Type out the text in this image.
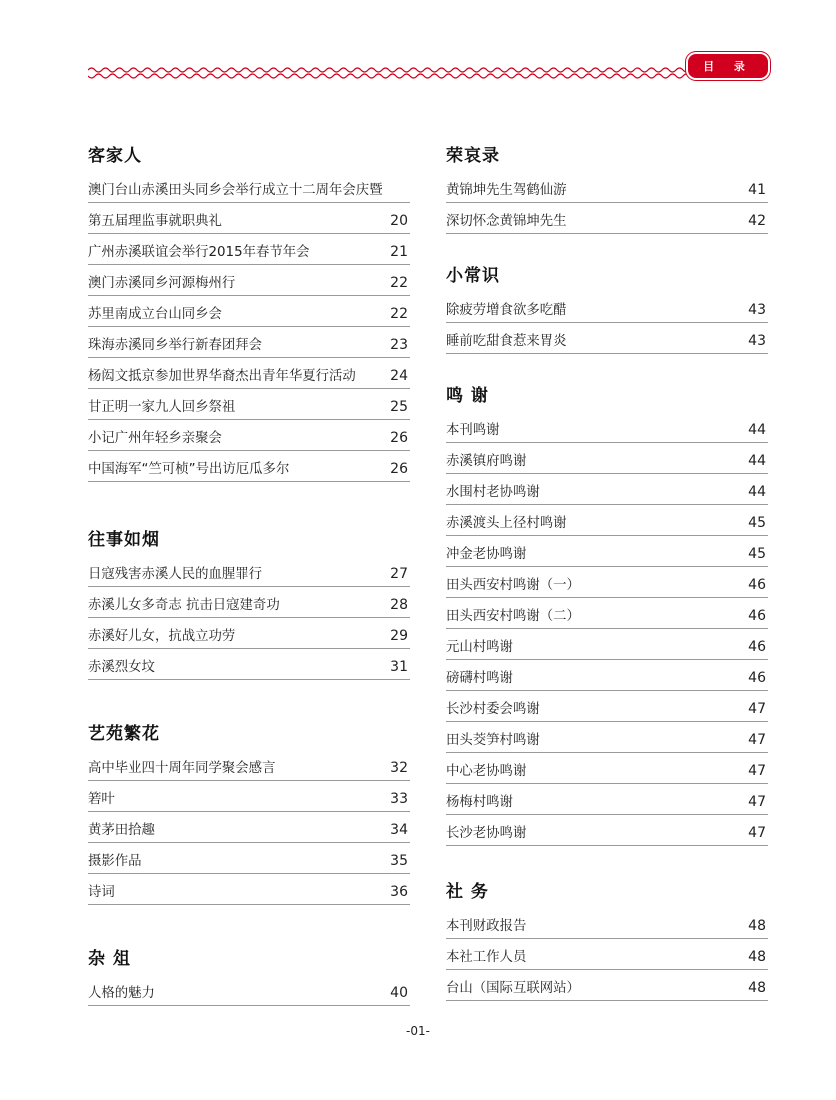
目 录
客家人
澳门台山赤溪田头同乡会举行成立十二周年会庆暨
第五届理监事就职典礼	20
广州赤溪联谊会举行2015年春节年会	21
澳门赤溪同乡河源梅州行	22
苏里南成立台山同乡会	22
珠海赤溪同乡举行新春团拜会	23
杨闳文抵京参加世界华裔杰出青年华夏行活动 24
甘正明一家九人回乡祭祖	25
小记广州年轻乡亲聚会	26
中国海军“竺可桢”号出访厄瓜多尔	26
往事如烟
日寇残害赤溪人民的血腥罪行	27
赤溪儿女多奇志 抗击日寇建奇功	28
赤溪好儿女，抗战立功劳	29
赤溪烈女坟	31
艺苑繁花
高中毕业四十周年同学聚会感言	32
箬叶	33
黄茅田拾趣	34
摄影作品	35
诗词	36
杂 俎
人格的魅力	40
荣哀录
黄锦坤先生驾鹤仙游	41
深切怀念黄锦坤先生	42
小常识
除疲劳增食欲多吃醋	43
睡前吃甜食惹来胃炎	43
鸣 谢
本刊鸣谢	44
赤溪镇府鸣谢	44
水围村老协鸣谢	44
赤溪渡头上径村鸣谢	45
冲金老协鸣谢	45
田头西安村鸣谢（一）	46
田头西安村鸣谢（二）	46
元山村鸣谢	46
磅礴村鸣谢	46
长沙村委会鸣谢	47
田头茭笋村鸣谢	47
中心老协鸣谢	47
杨梅村鸣谢	47
长沙老协鸣谢	47
社 务
本刊财政报告	48
本社工作人员	48
台山（国际互联网站）	48
-01-
